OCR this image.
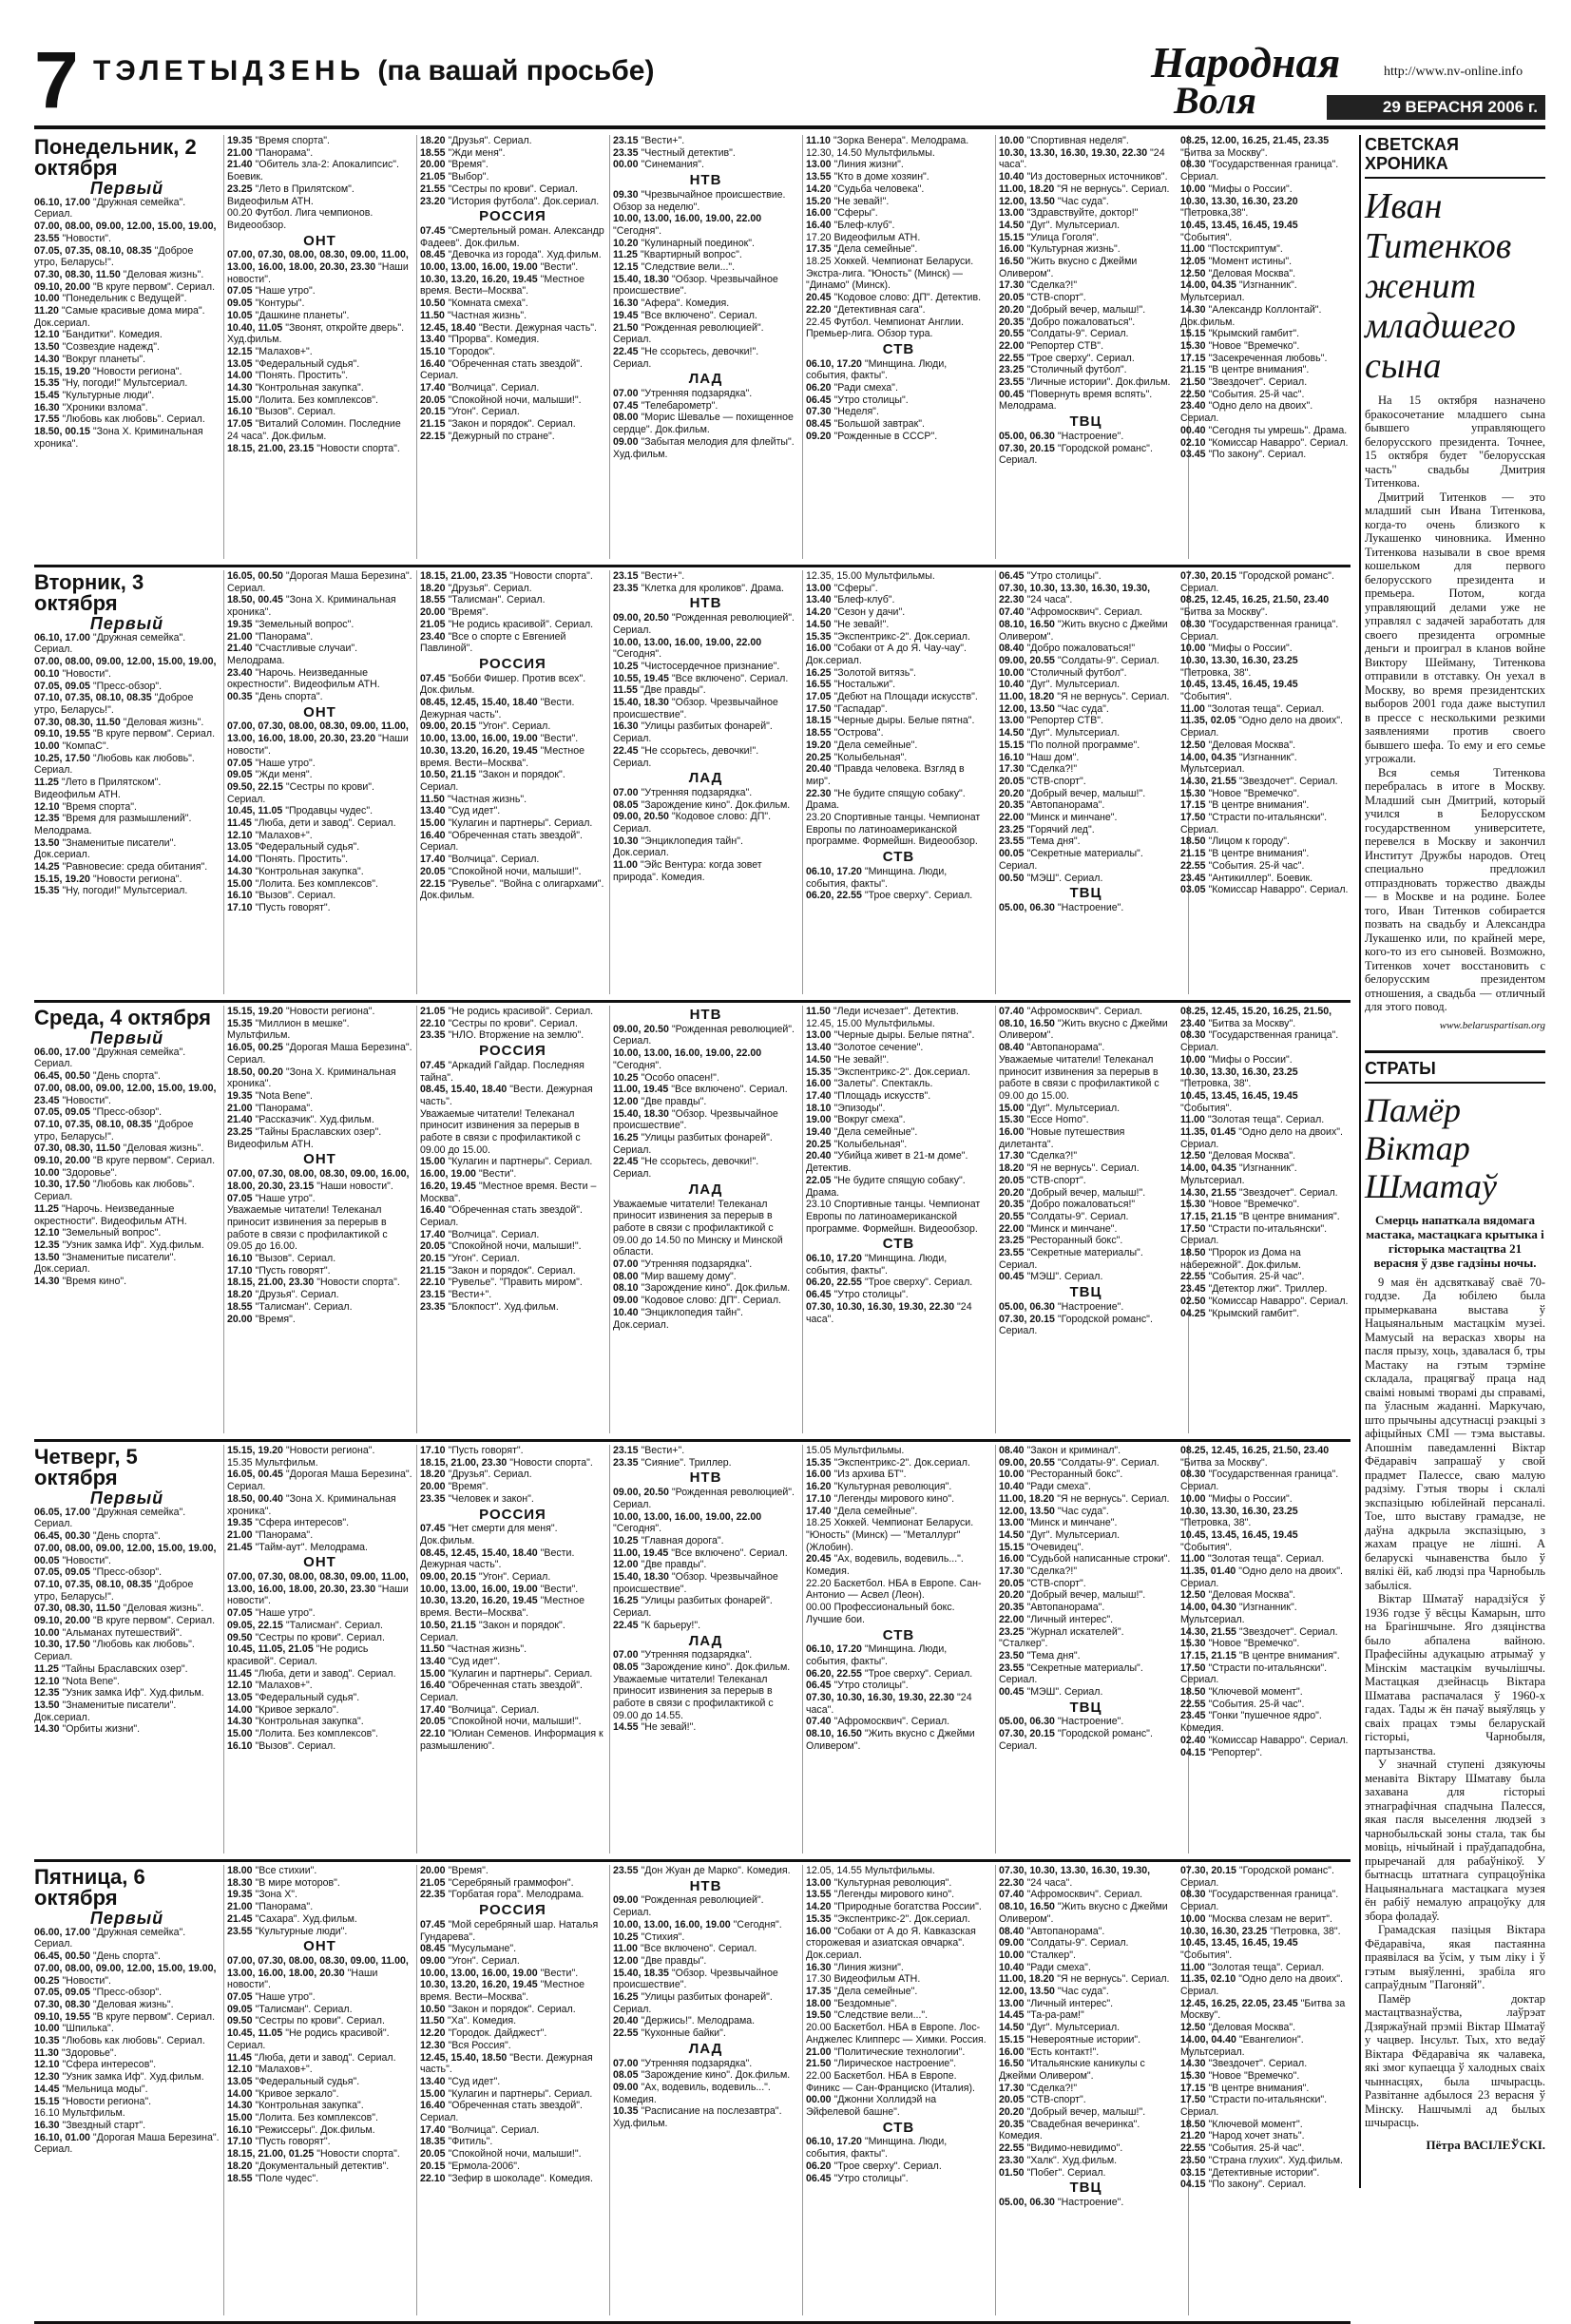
7 ТЭЛЕТЫДЗЕНЬ (па вашай просьбе)	Народная
Воля
http://www.nv-online.info
29 ВЕРАСНЯ 2006 г.
Понедельник, 2 октября
Первый

06.10, 17.00 "Дружная семейка". Сериал.

07.00, 08.00, 09.00, 12.00, 15.00, 19.00, 23.55 "Новости".

07.05, 07.35, 08.10, 08.35 "Доброе утро, Беларусь!".

07.30, 08.30, 11.50 "Деловая жизнь".

09.10, 20.00 "В круге первом". Сериал.

10.00 "Понедельник с Ведущей".

11.20 "Самые красивые дома мира". Док.сериал.

12.10 "Бандитки". Комедия.

13.50 "Созвездие надежд".

14.30 "Вокруг планеты".

15.15, 19.20 "Новости региона".

15.35 "Ну, погоди!" Мультсериал.

15.45 "Культурные люди".

16.30 "Хроники взлома".

17.55 "Любовь как любовь". Сериал.

18.50, 00.15 "Зона Х. Криминальная хроника".

19.35 "Время спорта".

21.00 "Панорама".

21.40 "Обитель зла-2: Апокалипсис". Боевик.

23.25 "Лето в Прилятском". Видеофильм АТН.

00.20 Футбол. Лига чемпионов. Видеообзор.

ОНТ

07.00, 07.30, 08.00, 08.30, 09.00, 11.00, 13.00, 16.00, 18.00, 20.30, 23.30 "Наши новости".

07.05 "Наше утро".

09.05 "Контуры".

10.05 "Дашкине планеты".

10.40, 11.05 "Звонят, откройте дверь". Худ.фильм.

12.15 "Малахов+".

13.05 "Федеральный судья".

14.00 "Понять. Простить".

14.30 "Контрольная закупка".

15.00 "Лолита. Без комплексов".

16.10 "Вызов". Сериал.

17.05 "Виталий Соломин. Последние 24 часа". Док.фильм.

18.15, 21.00, 23.15 "Новости спорта".

18.20 "Друзья". Сериал.

18.55 "Жди меня".

20.00 "Время".

21.05 "Выбор".

21.55 "Сестры по крови". Сериал.

23.20 "История футбола". Док.сериал.

РОССИЯ

07.45 "Смертельный роман. Александр Фадеев". Док.фильм.

08.45 "Девочка из города". Худ.фильм.

10.00, 13.00, 16.00, 19.00 "Вести".

10.30, 13.20, 16.20, 19.45 "Местное время. Вести–Москва".

10.50 "Комната смеха".

11.50 "Частная жизнь".

12.45, 18.40 "Вести. Дежурная часть".

13.40 "Прорва". Комедия.

15.10 "Городок".

16.40 "Обреченная стать звездой". Сериал.

17.40 "Волчица". Сериал.

20.05 "Спокойной ночи, малыши!".

20.15 "Угон". Сериал.

21.15 "Закон и порядок". Сериал.

22.15 "Дежурный по стране".

23.15 "Вести+".

23.35 "Честный детектив".

00.00 "Синемания".

НТВ

09.30 "Чрезвычайное происшествие. Обзор за неделю".

10.00, 13.00, 16.00, 19.00, 22.00 "Сегодня".

10.20 "Кулинарный поединок".

11.25 "Квартирный вопрос".

12.15 "Следствие вели...".

15.40, 18.30 "Обзор. Чрезвычайное происшествие".

16.30 "Афера". Комедия.

19.45 "Все включено". Сериал.

21.50 "Рожденная революцией". Сериал.

22.45 "Не ссорьтесь, девочки!". Сериал.

ЛАД

07.00 "Утренняя подзарядка".

07.45 "Телебарометр".

08.00 "Морис Шевалье — похищенное сердце". Док.фильм.

09.00 "Забытая мелодия для флейты". Худ.фильм.

11.10 "Зорка Венера". Мелодрама.

12.30, 14.50 Мультфильмы.

13.00 "Линия жизни".

13.55 "Кто в доме хозяин".

14.20 "Судьба человека".

15.20 "Не зевай!".

16.00 "Сферы".

16.40 "Блеф-клуб".

17.20 Видеофильм АТН.

17.35 "Дела семейные".

18.25 Хоккей. Чемпионат Беларуси. Экстра-лига. "Юность" (Минск) — "Динамо" (Минск).

20.45 "Кодовое слово: ДП". Детектив.

22.20 "Детективная сага".

22.45 Футбол. Чемпионат Англии. Премьер-лига. Обзор тура.

СТВ

06.10, 17.20 "Минщина. Люди, события, факты".

06.20 "Ради смеха".

06.45 "Утро столицы".

07.30 "Неделя".

08.45 "Большой завтрак".

09.20 "Рожденные в СССР".

10.00 "Спортивная неделя".

10.30, 13.30, 16.30, 19.30, 22.30 "24 часа".

10.40 "Из достоверных источников".

11.00, 18.20 "Я не вернусь". Сериал.

12.00, 13.50 "Час суда".

13.00 "Здравствуйте, доктор!"

14.50 "Дуг". Мультсериал.

15.15 "Улица Гоголя".

16.00 "Культурная жизнь".

16.50 "Жить вкусно с Джейми Оливером".

17.30 "Сделка?!"

20.05 "СТВ-спорт".

20.20 "Добрый вечер, малыш!".

20.35 "Добро пожаловаться".

20.55 "Солдаты-9". Сериал.

22.00 "Репортер СТВ".

22.55 "Трое сверху". Сериал.

23.25 "Столичный футбол".

23.55 "Личные истории". Док.фильм.

00.45 "Повернуть время вспять". Мелодрама.

ТВЦ

05.00, 06.30 "Настроение".

07.30, 20.15 "Городской романс". Сериал.

08.25, 12.00, 16.25, 21.45, 23.35 "Битва за Москву".

08.30 "Государственная граница". Сериал.

10.00 "Мифы о России".

10.30, 13.30, 16.30, 23.20 "Петровка,38".

10.45, 13.45, 16.45, 19.45 "События".

11.00 "Постскриптум".

12.05 "Момент истины".

12.50 "Деловая Москва".

14.00, 04.35 "Изгнанник". Мультсериал.

14.30 "Александр Коллонтай". Док.фильм.

15.15 "Крымский гамбит".

15.30 "Новое "Времечко".

17.15 "Засекреченная любовь".

21.15 "В центре внимания".

21.50 "Звездочет". Сериал.

22.50 "События. 25-й час".

23.40 "Одно дело на двоих". Сериал.

00.40 "Сегодня ты умрешь". Драма.

02.10 "Комиссар Наварро". Сериал.

03.45 "По закону". Сериал.

Вторник, 3 октября
Первый

06.10, 17.00 "Дружная семейка". Сериал.

07.00, 08.00, 09.00, 12.00, 15.00, 19.00, 00.10 "Новости".

07.05, 09.05 "Пресс-обзор".

07.10, 07.35, 08.10, 08.35 "Доброе утро, Беларусь!".

07.30, 08.30, 11.50 "Деловая жизнь".

09.10, 19.55 "В круге первом". Сериал.

10.00 "КомпаС".

10.25, 17.50 "Любовь как любовь". Сериал.

11.25 "Лето в Прилятском". Видеофильм АТН.

12.10 "Время спорта".

12.35 "Время для размышлений". Мелодрама.

13.50 "Знаменитые писатели". Док.сериал.

14.25 "Равновесие: среда обитания".

15.15, 19.20 "Новости региона".

15.35 "Ну, погоди!" Мультсериал.

16.05, 00.50 "Дорогая Маша Березина". Сериал.

18.50, 00.45 "Зона Х. Криминальная хроника".

19.35 "Земельный вопрос".

21.00 "Панорама".

21.40 "Счастливые случаи". Мелодрама.

23.40 "Нарочь. Неизведанные окрестности". Видеофильм АТН.

00.35 "День спорта".

ОНТ

07.00, 07.30, 08.00, 08.30, 09.00, 11.00, 13.00, 16.00, 18.00, 20.30, 23.20 "Наши новости".

07.05 "Наше утро".

09.05 "Жди меня".

09.50, 22.15 "Сестры по крови". Сериал.

10.45, 11.05 "Продавцы чудес".

11.45 "Люба, дети и завод". Сериал.

12.10 "Малахов+".

13.05 "Федеральный судья".

14.00 "Понять. Простить".

14.30 "Контрольная закупка".

15.00 "Лолита. Без комплексов".

16.10 "Вызов". Сериал.

17.10 "Пусть говорят".

18.15, 21.00, 23.35 "Новости спорта".

18.20 "Друзья". Сериал.

18.55 "Талисман". Сериал.

20.00 "Время".

21.05 "Не родись красивой". Сериал.

23.40 "Все о спорте с Евгенией Павлиной".

РОССИЯ

07.45 "Бобби Фишер. Против всех". Док.фильм.

08.45, 12.45, 15.40, 18.40 "Вести. Дежурная часть".

09.00, 20.15 "Угон". Сериал.

10.00, 13.00, 16.00, 19.00 "Вести".

10.30, 13.20, 16.20, 19.45 "Местное время. Вести–Москва".

10.50, 21.15 "Закон и порядок". Сериал.

11.50 "Частная жизнь".

13.40 "Суд идет".

15.00 "Кулагин и партнеры". Сериал.

16.40 "Обреченная стать звездой". Сериал.

17.40 "Волчица". Сериал.

20.05 "Спокойной ночи, малыши!".

22.15 "Рувелье". "Война с олигархами". Док.фильм.

23.15 "Вести+".

23.35 "Клетка для кроликов". Драма.

НТВ

09.00, 20.50 "Рожденная революцией". Сериал.

10.00, 13.00, 16.00, 19.00, 22.00 "Сегодня".

10.25 "Чистосердечное признание".

10.55, 19.45 "Все включено". Сериал.

11.55 "Две правды".

15.40, 18.30 "Обзор. Чрезвычайное происшествие".

16.30 "Улицы разбитых фонарей". Сериал.

22.45 "Не ссорьтесь, девочки!". Сериал.

ЛАД

07.00 "Утренняя подзарядка".

08.05 "Зарождение кино". Док.фильм.

09.00, 20.50 "Кодовое слово: ДП". Сериал.

10.30 "Энциклопедия тайн". Док.сериал.

11.00 "Эйс Вентура: когда зовет природа". Комедия.

12.35, 15.00 Мультфильмы.

13.00 "Сферы".

13.40 "Блеф-клуб".

14.20 "Сезон у дачи".

14.50 "Не зевай!".

15.35 "Экспентрикс-2". Док.сериал.

16.00 "Собаки от А до Я. Чау-чау". Док.сериал.

16.25 "Золотой витязь".

16.55 "Ностальжи".

17.05 "Дебют на Площади искусств".

17.50 "Гаспадар".

18.15 "Черные дыры. Белые пятна".

18.55 "Острова".

19.20 "Дела семейные".

20.25 "Колыбельная".

20.40 "Правда человека. Взгляд в мир".

22.30 "Не будите спящую собаку". Драма.

23.20 Спортивные танцы. Чемпионат Европы по латиноамериканской программе. Формейшн. Видеообзор.

СТВ

06.10, 17.20 "Минщина. Люди, события, факты".

06.20, 22.55 "Трое сверху". Сериал.

06.45 "Утро столицы".

07.30, 10.30, 13.30, 16.30, 19.30, 22.30 "24 часа".

07.40 "Афромосквич". Сериал.

08.10, 16.50 "Жить вкусно с Джейми Оливером".

08.40 "Добро пожаловаться!"

09.00, 20.55 "Солдаты-9". Сериал.

10.00 "Столичный футбол".

10.40 "Дуг". Мультсериал.

11.00, 18.20 "Я не вернусь". Сериал.

12.00, 13.50 "Час суда".

13.00 "Репортер СТВ".

14.50 "Дуг". Мультсериал.

15.15 "По полной программе".

16.10 "Наш дом".

17.30 "Сделка?!"

20.05 "СТВ-спорт".

20.20 "Добрый вечер, малыш!".

20.35 "Автопанорама".

22.00 "Минск и минчане".

23.25 "Горячий лед".

23.55 "Тема дня".

00.05 "Секретные материалы". Сериал.

00.50 "МЭШ". Сериал.

ТВЦ

05.00, 06.30 "Настроение".

07.30, 20.15 "Городской романс". Сериал.

08.25, 12.45, 16.25, 21.50, 23.40 "Битва за Москву".

08.30 "Государственная граница". Сериал.

10.00 "Мифы о России".

10.30, 13.30, 16.30, 23.25 "Петровка, 38".

10.45, 13.45, 16.45, 19.45 "События".

11.00 "Золотая теща". Сериал.

11.35, 02.05 "Одно дело на двоих". Сериал.

12.50 "Деловая Москва".

14.00, 04.35 "Изгнанник". Мультсериал.

14.30, 21.55 "Звездочет". Сериал.

15.30 "Новое "Времечко".

17.15 "В центре внимания".

17.50 "Страсти по-итальянски". Сериал.

18.50 "Лицом к городу".

21.15 "В центре внимания".

22.55 "События. 25-й час".

23.45 "Антикиллер". Боевик.

03.05 "Комиссар Наварро". Сериал.

Среда, 4 октября
Первый

06.00, 17.00 "Дружная семейка". Сериал.

06.45, 00.50 "День спорта".

07.00, 08.00, 09.00, 12.00, 15.00, 19.00, 23.45 "Новости".

07.05, 09.05 "Пресс-обзор".

07.10, 07.35, 08.10, 08.35 "Доброе утро, Беларусь!".

07.30, 08.30, 11.50 "Деловая жизнь".

09.10, 20.00 "В круге первом". Сериал.

10.00 "Здоровье".

10.30, 17.50 "Любовь как любовь". Сериал.

11.25 "Нарочь. Неизведанные окрестности". Видеофильм АТН.

12.10 "Земельный вопрос".

12.35 "Узник замка Иф". Худ.фильм.

13.50 "Знаменитые писатели". Док.сериал.

14.30 "Время кино".

15.15, 19.20 "Новости региона".

15.35 "Миллион в мешке". Мультфильм.

16.05, 00.25 "Дорогая Маша Березина". Сериал.

18.50, 00.20 "Зона Х. Криминальная хроника".

19.35 "Nota Bene".

21.00 "Панорама".

21.40 "Рассказчик". Худ.фильм.

23.25 "Тайны Браславских озер". Видеофильм АТН.

ОНТ

07.00, 07.30, 08.00, 08.30, 09.00, 16.00, 18.00, 20.30, 23.15 "Наши новости".

07.05 "Наше утро".

Уважаемые читатели! Телеканал приносит извинения за перерыв в работе в связи с профилактикой с 09.05 до 16.00.

16.10 "Вызов". Сериал.

17.10 "Пусть говорят".

18.15, 21.00, 23.30 "Новости спорта".

18.20 "Друзья". Сериал.

18.55 "Талисман". Сериал.

20.00 "Время".

21.05 "Не родись красивой". Сериал.

22.10 "Сестры по крови". Сериал.

23.35 "НЛО. Вторжение на землю".

РОССИЯ

07.45 "Аркадий Гайдар. Последняя тайна".

08.45, 15.40, 18.40 "Вести. Дежурная часть".

Уважаемые читатели! Телеканал приносит извинения за перерыв в работе в связи с профилактикой с 09.00 до 15.00.

15.00 "Кулагин и партнеры". Сериал.

16.00, 19.00 "Вести".

16.20, 19.45 "Местное время. Вести –Москва".

16.40 "Обреченная стать звездой". Сериал.

17.40 "Волчица". Сериал.

20.05 "Спокойной ночи, малыши!".

20.15 "Угон". Сериал.

21.15 "Закон и порядок". Сериал.

22.10 "Рувелье". "Править миром".

23.15 "Вести+".

23.35 "Блокпост". Худ.фильм.

НТВ

09.00, 20.50 "Рожденная революцией". Сериал.

10.00, 13.00, 16.00, 19.00, 22.00 "Сегодня".

10.25 "Особо опасен!".

11.00, 19.45 "Все включено". Сериал.

12.00 "Две правды".

15.40, 18.30 "Обзор. Чрезвычайное происшествие".

16.25 "Улицы разбитых фонарей". Сериал.

22.45 "Не ссорьтесь, девочки!". Сериал.

ЛАД

Уважаемые читатели! Телеканал приносит извинения за перерыв в работе в связи с профилактикой с 09.00 до 14.50 по Минску и Минской области.

07.00 "Утренняя подзарядка".

08.00 "Мир вашему дому".

08.10 "Зарождение кино". Док.фильм.

09.00 "Кодовое слово: ДП". Сериал.

10.40 "Энциклопедия тайн". Док.сериал.

11.50 "Леди исчезает". Детектив.

12.45, 15.00 Мультфильмы.

13.00 "Черные дыры. Белые пятна".

13.40 "Золотое сечение".

14.50 "Не зевай!".

15.35 "Экспентрикс-2". Док.сериал.

16.00 "Залеты". Спектакль.

17.40 "Площадь искусств".

18.10 "Эпизоды".

19.00 "Вокруг смеха".

19.40 "Дела семейные".

20.25 "Колыбельная".

20.40 "Убийца живет в 21-м доме". Детектив.

22.05 "Не будите спящую собаку". Драма.

23.10 Спортивные танцы. Чемпионат Европы по латиноамериканской программе. Формейшн. Видеообзор.

СТВ

06.10, 17.20 "Минщина. Люди, события, факты".

06.20, 22.55 "Трое сверху". Сериал.

06.45 "Утро столицы".

07.30, 10.30, 16.30, 19.30, 22.30 "24 часа".

07.40 "Афромосквич". Сериал.

08.10, 16.50 "Жить вкусно с Джейми Оливером".

08.40 "Автопанорама".

Уважаемые читатели! Телеканал приносит извинения за перерыв в работе в связи с профилактикой с 09.00 до 15.00.

15.00 "Дуг". Мультсериал.

15.30 "Ессе Homo".

16.00 "Новые путешествия дилетанта".

17.30 "Сделка?!"

18.20 "Я не вернусь". Сериал.

20.05 "СТВ-спорт".

20.20 "Добрый вечер, малыш!".

20.35 "Добро пожаловаться!"

20.55 "Солдаты-9". Сериал.

22.00 "Минск и минчане".

23.25 "Ресторанный бокс".

23.55 "Секретные материалы". Сериал.

00.45 "МЭШ". Сериал.

ТВЦ

05.00, 06.30 "Настроение".

07.30, 20.15 "Городской романс". Сериал.

08.25, 12.45, 15.20, 16.25, 21.50, 23.40 "Битва за Москву".

08.30 "Государственная граница". Сериал.

10.00 "Мифы о России".

10.30, 13.30, 16.30, 23.25 "Петровка, 38".

10.45, 13.45, 16.45, 19.45 "События".

11.00 "Золотая теща". Сериал.

11.35, 01.45 "Одно дело на двоих". Сериал.

12.50 "Деловая Москва".

14.00, 04.35 "Изгнанник". Мультсериал.

14.30, 21.55 "Звездочет". Сериал.

15.30 "Новое "Времечко".

17.15, 21.15 "В центре внимания".

17.50 "Страсти по-итальянски". Сериал.

18.50 "Пророк из Дома на набережной". Док.фильм.

22.55 "События. 25-й час".

23.45 "Детектор лжи". Триллер.

02.50 "Комиссар Наварро". Сериал.

04.25 "Крымский гамбит".

Четверг, 5 октября
Первый

06.05, 17.00 "Дружная семейка". Сериал.

06.45, 00.30 "День спорта".

07.00, 08.00, 09.00, 12.00, 15.00, 19.00, 00.05 "Новости".

07.05, 09.05 "Пресс-обзор".

07.10, 07.35, 08.10, 08.35 "Доброе утро, Беларусь!".

07.30, 08.30, 11.50 "Деловая жизнь".

09.10, 20.00 "В круге первом". Сериал.

10.00 "Альманах путешествий".

10.30, 17.50 "Любовь как любовь". Сериал.

11.25 "Тайны Браславских озер".

12.10 "Nota Bene".

12.35 "Узник замка Иф". Худ.фильм.

13.50 "Знаменитые писатели". Док.сериал.

14.30 "Орбиты жизни".

15.15, 19.20 "Новости региона".

15.35 Мультфильм.

16.05, 00.45 "Дорогая Маша Березина". Сериал.

18.50, 00.40 "Зона Х. Криминальная хроника".

19.35 "Сфера интересов".

21.00 "Панорама".

21.45 "Тайм-аут". Мелодрама.

ОНТ

07.00, 07.30, 08.00, 08.30, 09.00, 11.00, 13.00, 16.00, 18.00, 20.30, 23.30 "Наши новости".

07.05 "Наше утро".

09.05, 22.15 "Талисман". Сериал.

09.50 "Сестры по крови". Сериал.

10.45, 11.05, 21.05 "Не родись красивой". Сериал.

11.45 "Люба, дети и завод". Сериал.

12.10 "Малахов+".

13.05 "Федеральный судья".

14.00 "Кривое зеркало".

14.30 "Контрольная закупка".

15.00 "Лолита. Без комплексов".

16.10 "Вызов". Сериал.

17.10 "Пусть говорят".

18.15, 21.00, 23.30 "Новости спорта".

18.20 "Друзья". Сериал.

20.00 "Время".

23.35 "Человек и закон".

РОССИЯ

07.45 "Нет смерти для меня". Док.фильм.

08.45, 12.45, 15.40, 18.40 "Вести. Дежурная часть".

09.00, 20.15 "Угон". Сериал.

10.00, 13.00, 16.00, 19.00 "Вести".

10.30, 13.20, 16.20, 19.45 "Местное время. Вести–Москва".

10.50, 21.15 "Закон и порядок". Сериал.

11.50 "Частная жизнь".

13.40 "Суд идет".

15.00 "Кулагин и партнеры". Сериал.

16.40 "Обреченная стать звездой". Сериал.

17.40 "Волчица". Сериал.

20.05 "Спокойной ночи, малыши!".

22.10 "Юлиан Семенов. Информация к размышлению".

23.15 "Вести+".

23.35 "Сияние". Триллер.

НТВ

09.00, 20.50 "Рожденная революцией". Сериал.

10.00, 13.00, 16.00, 19.00, 22.00 "Сегодня".

10.25 "Главная дорога".

11.00, 19.45 "Все включено". Сериал.

12.00 "Две правды".

15.40, 18.30 "Обзор. Чрезвычайное происшествие".

16.25 "Улицы разбитых фонарей". Сериал.

22.45 "К барьеру!".

ЛАД

07.00 "Утренняя подзарядка".

08.05 "Зарождение кино". Док.фильм.

Уважаемые читатели! Телеканал приносит извинения за перерыв в работе в связи с профилактикой с 09.00 до 14.55.

14.55 "Не зевай!".

15.05 Мультфильмы.

15.35 "Экспентрикс-2". Док.сериал.

16.00 "Из архива БТ".

16.20 "Культурная революция".

17.10 "Легенды мирового кино".

17.40 "Дела семейные".

18.25 Хоккей. Чемпионат Беларуси. "Юность" (Минск) — "Металлург" (Жлобин).

20.45 "Ах, водевиль, водевиль...". Комедия.

22.20 Баскетбол. НБА в Европе. Сан-Антонио — Асвел (Леон).

00.00 Профессиональный бокс. Лучшие бои.

СТВ

06.10, 17.20 "Минщина. Люди, события, факты".

06.20, 22.55 "Трое сверху". Сериал.

06.45 "Утро столицы".

07.30, 10.30, 16.30, 19.30, 22.30 "24 часа".

07.40 "Афромосквич". Сериал.

08.10, 16.50 "Жить вкусно с Джейми Оливером".

08.40 "Закон и криминал".

09.00, 20.55 "Солдаты-9". Сериал.

10.00 "Ресторанный бокс".

10.40 "Ради смеха".

11.00, 18.20 "Я не вернусь". Сериал.

12.00, 13.50 "Час суда".

13.00 "Минск и минчане".

14.50 "Дуг". Мультсериал.

15.15 "Очевидец".

16.00 "Судьбой написанные строки".

17.30 "Сделка?!"

20.05 "СТВ-спорт".

20.20 "Добрый вечер, малыш!".

20.35 "Автопанорама".

22.00 "Личный интерес".

23.25 "Журнал искателей". "Сталкер".

23.50 "Тема дня".

23.55 "Секретные материалы". Сериал.

00.45 "МЭШ". Сериал.

ТВЦ

05.00, 06.30 "Настроение".

07.30, 20.15 "Городской романс". Сериал.

08.25, 12.45, 16.25, 21.50, 23.40 "Битва за Москву".

08.30 "Государственная граница". Сериал.

10.00 "Мифы о России".

10.30, 13.30, 16.30, 23.25 "Петровка, 38".

10.45, 13.45, 16.45, 19.45 "События".

11.00 "Золотая теща". Сериал.

11.35, 01.40 "Одно дело на двоих". Сериал.

12.50 "Деловая Москва".

14.00, 04.30 "Изгнанник". Мультсериал.

14.30, 21.55 "Звездочет". Сериал.

15.30 "Новое "Времечко".

17.15, 21.15 "В центре внимания".

17.50 "Страсти по-итальянски". Сериал.

18.50 "Ключевой момент".

22.55 "События. 25-й час".

23.45 "Гонки "пушечное ядро". Комедия.

02.40 "Комиссар Наварро". Сериал.

04.15 "Репортер".

Пятница, 6 октября
Первый

06.00, 17.00 "Дружная семейка". Сериал.

06.45, 00.50 "День спорта".

07.00, 08.00, 09.00, 12.00, 15.00, 19.00, 00.25 "Новости".

07.05, 09.05 "Пресс-обзор".

07.30, 08.30 "Деловая жизнь".

09.10, 19.55 "В круге первом". Сериал.

10.00 "Шпилька".

10.35 "Любовь как любовь". Сериал.

11.30 "Здоровье".

12.10 "Сфера интересов".

12.30 "Узник замка Иф". Худ.фильм.

14.45 "Мельница моды".

15.15 "Новости региона".

16.10 Мультфильм.

16.30 "Звездный старт".

16.10, 01.00 "Дорогая Маша Березина". Сериал.

18.00 "Все стихии".

18.30 "В мире моторов".

19.35 "Зона Х".

21.00 "Панорама".

21.45 "Сахара". Худ.фильм.

23.55 "Культурные люди".

ОНТ

07.00, 07.30, 08.00, 08.30, 09.00, 11.00, 13.00, 16.00, 18.00, 20.30 "Наши новости".

07.05 "Наше утро".

09.05 "Талисман". Сериал.

09.50 "Сестры по крови". Сериал.

10.45, 11.05 "Не родись красивой". Сериал.

11.45 "Люба, дети и завод". Сериал.

12.10 "Малахов+".

13.05 "Федеральный судья".

14.00 "Кривое зеркало".

14.30 "Контрольная закупка".

15.00 "Лолита. Без комплексов".

16.10 "Режиссеры". Док.фильм.

17.10 "Пусть говорят".

18.15, 21.00, 01.25 "Новости спорта".

18.20 "Документальный детектив".

18.55 "Поле чудес".

20.00 "Время".

21.05 "Серебряный граммофон".

22.35 "Горбатая гора". Мелодрама.

РОССИЯ

07.45 "Мой серебряный шар. Наталья Гундарева".

08.45 "Мусульмане".

09.00 "Угон". Сериал.

10.00, 13.00, 16.00, 19.00 "Вести".

10.30, 13.20, 16.20, 19.45 "Местное время. Вести–Москва".

10.50 "Закон и порядок". Сериал.

11.50 "Ха". Комедия.

12.20 "Городок. Дайджест".

12.30 "Вся Россия".

12.45, 15.40, 18.50 "Вести. Дежурная часть".

13.40 "Суд идет".

15.00 "Кулагин и партнеры". Сериал.

16.40 "Обреченная стать звездой". Сериал.

17.40 "Волчица". Сериал.

18.35 "Фитиль".

20.05 "Спокойной ночи, малыши!".

20.15 "Ермола-2006".

22.10 "Зефир в шоколаде". Комедия.

23.55 "Дон Жуан де Марко". Комедия.

НТВ

09.00 "Рожденная революцией". Сериал.

10.00, 13.00, 16.00, 19.00 "Сегодня".

10.25 "Стихия".

11.00 "Все включено". Сериал.

12.00 "Две правды".

15.40, 18.35 "Обзор. Чрезвычайное происшествие".

16.25 "Улицы разбитых фонарей". Сериал.

20.40 "Держись!". Мелодрама.

22.55 "Кухонные байки".

ЛАД

07.00 "Утренняя подзарядка".

08.05 "Зарождение кино". Док.фильм.

09.00 "Ах, водевиль, водевиль...". Комедия.

10.35 "Расписание на послезавтра". Худ.фильм.

12.05, 14.55 Мультфильмы.

13.00 "Культурная революция".

13.55 "Легенды мирового кино".

14.20 "Природные богатства России".

15.35 "Экспентрикс-2". Док.сериал.

16.00 "Собаки от А до Я. Кавказская сторожевая и азиатская овчарка". Док.сериал.

16.30 "Линия жизни".

17.30 Видеофильм АТН.

17.35 "Дела семейные".

18.00 "Бездомные".

19.50 "Следствие вели...".

20.00 Баскетбол. НБА в Европе. Лос-Анджелес Клипперс — Химки. Россия.

21.00 "Политические технологии".

21.50 "Лирическое настроение".

22.00 Баскетбол. НБА в Европе. Финикс — Сан-Франциско (Италия).

00.00 "Джонни Холлидэй на Эйфелевой башне".

СТВ

06.10, 17.20 "Минщина. Люди, события, факты".

06.20 "Трое сверху". Сериал.

06.45 "Утро столицы".

07.30, 10.30, 13.30, 16.30, 19.30, 22.30 "24 часа".

07.40 "Афромосквич". Сериал.

08.10, 16.50 "Жить вкусно с Джейми Оливером".

08.40 "Автопанорама".

09.00 "Солдаты-9". Сериал.

10.00 "Сталкер".

10.40 "Ради смеха".

11.00, 18.20 "Я не вернусь". Сериал.

12.00, 13.50 "Час суда".

13.00 "Личный интерес".

14.45 "Та-ра-рам!"

14.50 "Дуг". Мультсериал.

15.15 "Невероятные истории".

16.00 "Есть контакт!".

16.50 "Итальянские каникулы с Джейми Оливером".

17.30 "Сделка?!"

20.05 "СТВ-спорт".

20.20 "Добрый вечер, малыш!".

20.35 "Свадебная вечеринка". Комедия.

22.55 "Видимо-невидимо".

23.30 "Халк". Худ.фильм.

01.50 "Побег". Сериал.

ТВЦ

05.00, 06.30 "Настроение".

07.30, 20.15 "Городской романс". Сериал.

08.30 "Государственная граница". Сериал.

10.00 "Москва слезам не верит".

10.30, 16.30, 23.25 "Петровка, 38".

10.45, 13.45, 16.45, 19.45 "События".

11.00 "Золотая теща". Сериал.

11.35, 02.10 "Одно дело на двоих". Сериал.

12.45, 16.25, 22.05, 23.45 "Битва за Москву".

12.50 "Деловая Москва".

14.00, 04.40 "Евангелион". Мультсериал.

14.30 "Звездочет". Сериал.

15.30 "Новое "Времечко".

17.15 "В центре внимания".

17.50 "Страсти по-итальянски". Сериал.

18.50 "Ключевой момент".

21.20 "Народ хочет знать".

22.55 "События. 25-й час".

23.50 "Страна глухих". Худ.фильм.

03.15 "Детективные истории".

04.15 "По закону". Сериал.

СВЕТСКАЯ ХРОНИКА
Иван Титенков женит младшего сына

На 15 октября назначено бракосочетание младшего сына бывшего управляющего белорусского президента. Точнее, 15 октября будет "белорусская часть" свадьбы Дмитрия Титенкова.

Дмитрий Титенков — это младший сын Ивана Титенкова, когда-то очень близкого к Лукашенко чиновника. Именно Титенкова называли в свое время кошельком для первого белорусского президента и премьера. Потом, когда управляющий делами уже не управлял с задачей заработать для своего президента огромные деньги и проиграл в кланов войне Виктору Шейману, Титенкова отправили в отставку. Он уехал в Москву, во время президентских выборов 2001 года даже выступил в прессе с несколькими резкими заявлениями против своего бывшего шефа. То ему и его семье угрожали.

Вся семья Титенкова перебралась в итоге в Москву. Младший сын Дмитрий, который учился в Белорусском государственном университете, перевелся в Москву и закончил Институт Дружбы народов. Отец специально предложил отпраздновать торжество дважды — в Москве и на родине. Более того, Иван Титенков собирается позвать на свадьбу и Александра Лукашенко или, по крайней мере, кого-то из его сыновей. Возможно, Титенков хочет восстановить с белорусским президентом отношения, а свадьба — отличный для этого повод.

www.belaruspartisan.org
СТРАТЫ
Памёр Віктар Шматаў
Смерць напаткала вядомага мастака, мастацкага крытыка і гісторыка мастацтва 21 верасня ў дзве гадзіны ночы.

9 мая ён адсвяткаваў сваё 70-годдзе. Да юбілею была прымеркавана выстава ў Нацыянальным мастацкім музеі. Мамусый на верасказ хворы на пасля прызу, хоць, здавалася б, тры Мастаку на гэтым тэрміне складала, працягваў праца над сваімі новымі творамі ды справамі, па ўласным жаданні. Маркучаю, што прычыны адсутнасці рэакцыі з афіцыйных СМІ — тэма выставы. Апошнім паведамленні Віктар Фёдаравіч запрашаў у свой прадмет Палессе, сваю малую радзіму. Гэтыя творы і склалі экспазіцыю юбілейнай персаналі. Тое, што выставу грамадзе, не даўна адкрыла экспазіцыю, з жахам працуе не лішні. А беларускі чынавенства было ў вялікі ёй, каб людзі пра Чарнобыль забыліся.

Віктар Шматаў нарадзіўся ў 1936 годзе ў вёсцы Камарын, што на Брагіншчыне. Яго дзяцінства было абпалена вайною. Прафесійны адукацыю атрымаў у Мінскім мастацкім вучылішчы. Мастацкая дзейнасць Віктара Шматава распачалася ў 1960-х гадах. Тады ж ён пачаў выяўляць у сваіх працах тэмы беларускай гісторыі, Чарнобыля, партызанства.

У значнай ступені дзякуючы менавіта Віктару Шматаву была захавана для гісторыі этнаграфічная спадчына Палесся, якая пасля выселення людзей з чарнобыльскай зоны стала, так бы мовіць, нічыйнай і праўдападобна, прыречанай для рабаўнікоў. У бытнасць штатнага супрацоўніка Нацыянальнага мастацкага музея ён рабіў немалую апрацоўку для збора фоладаў.

Грамадская пазіцыя Віктара Фёдаравіча, якая пастаянна праявілася ва ўсім, у тым ліку і ў гэтым выяўленні, зрабіла яго сапраўдным "Пагоняй".

Памёр доктар мастацтвазнаўства, лаўрэат Дзяржаўнай прэміі Віктар Шматаў у чацвер. Інсульт. Тых, хто ведаў Віктара Фёдаравіча як чалавека, які змог купаецца ў халодных сваіх чыннасцях, была шчырасць. Развітанне адбылося 23 верасня ў Мінску. Нашчымлі ад былых шчырасць.

Пётра ВАСІЛЕЎСКІ.
